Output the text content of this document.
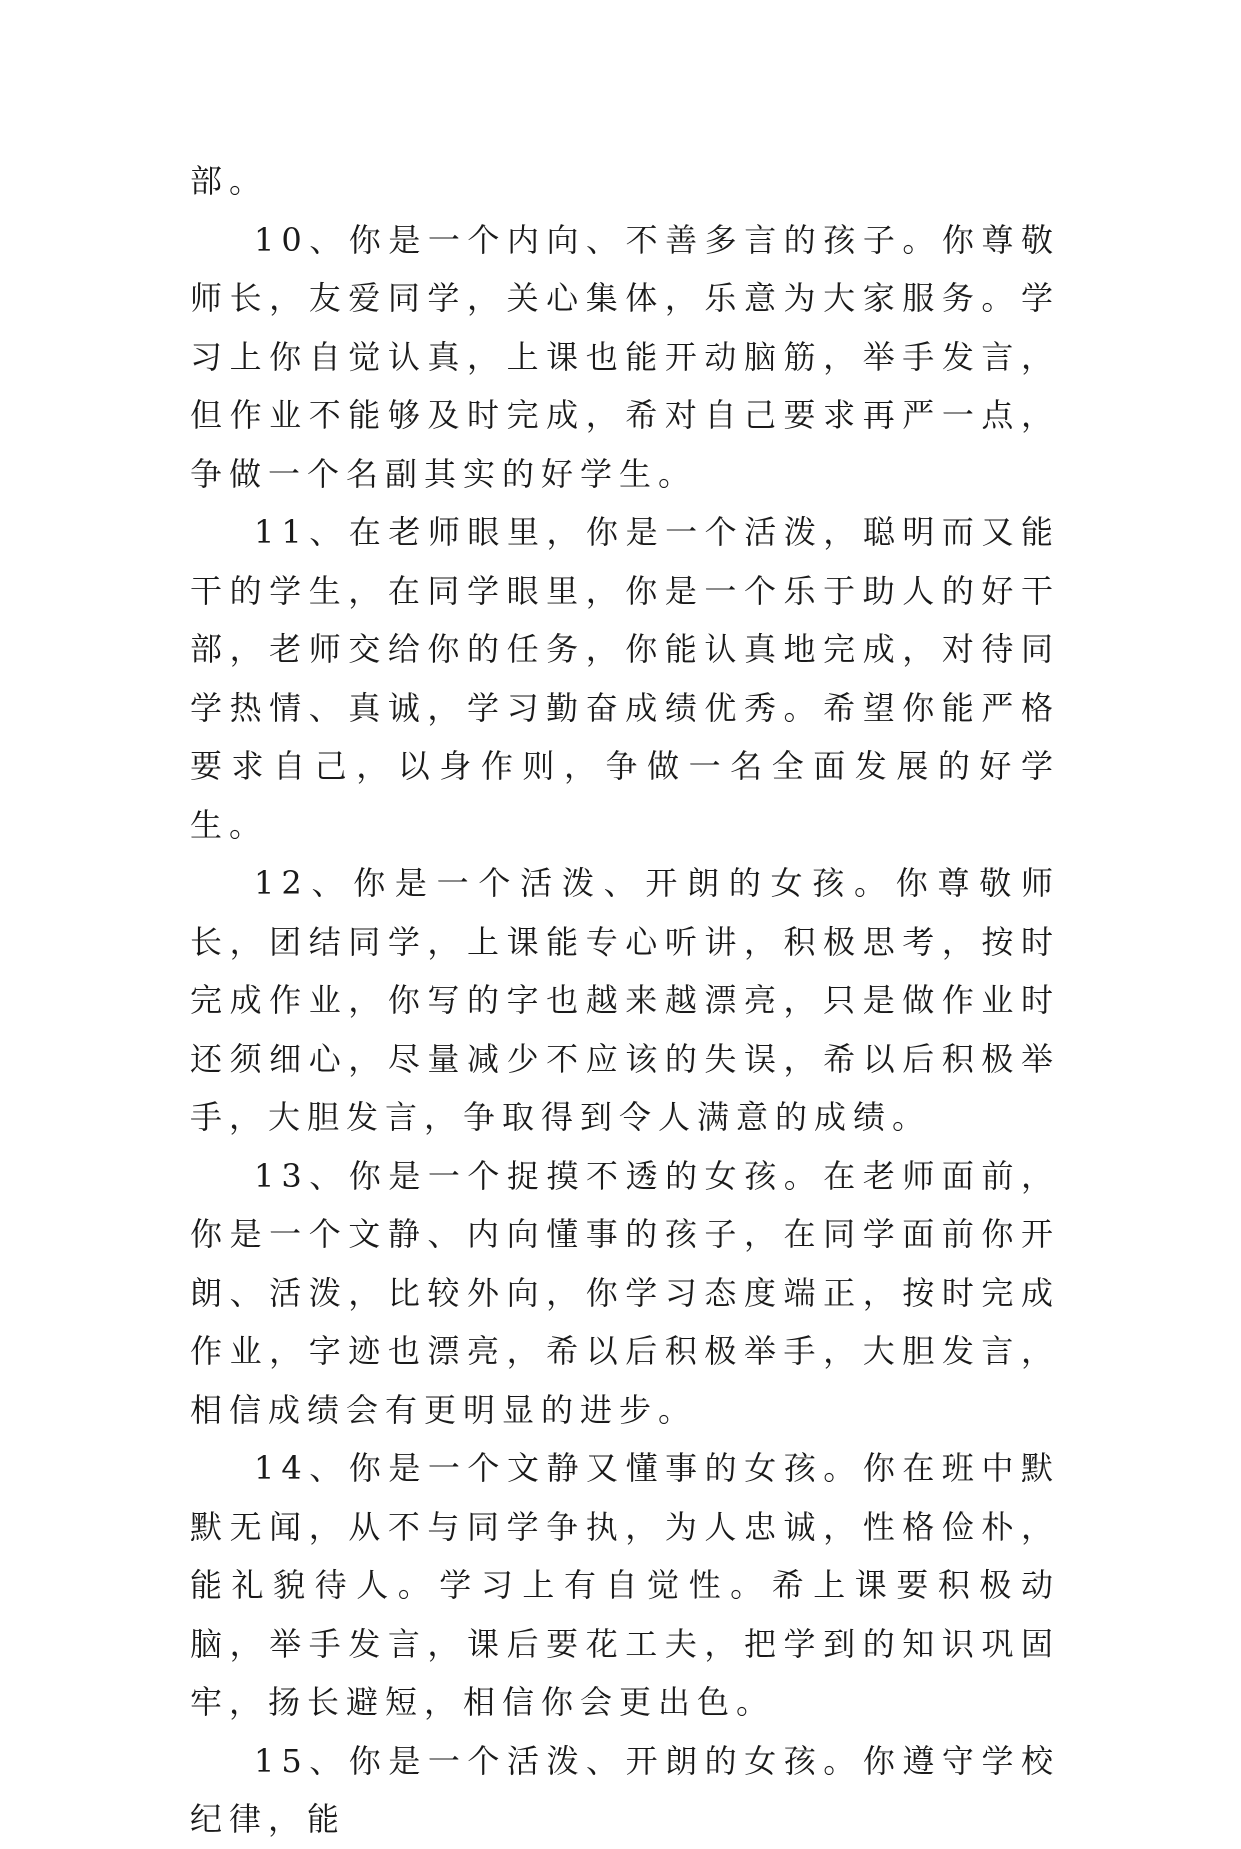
部。

10、你是一个内向、不善多言的孩子。你尊敬师长，友爱同学，关心集体，乐意为大家服务。学习上你自觉认真，上课也能开动脑筋，举手发言，但作业不能够及时完成，希对自己要求再严一点，争做一个名副其实的好学生。

11、在老师眼里，你是一个活泼，聪明而又能干的学生，在同学眼里，你是一个乐于助人的好干部，老师交给你的任务，你能认真地完成，对待同学热情、真诚，学习勤奋成绩优秀。希望你能严格要求自己，以身作则，争做一名全面发展的好学生。

12、你是一个活泼、开朗的女孩。你尊敬师长，团结同学，上课能专心听讲，积极思考，按时完成作业，你写的字也越来越漂亮，只是做作业时还须细心，尽量减少不应该的失误，希以后积极举手，大胆发言，争取得到令人满意的成绩。

13、你是一个捉摸不透的女孩。在老师面前，你是一个文静、内向懂事的孩子，在同学面前你开朗、活泼，比较外向，你学习态度端正，按时完成作业，字迹也漂亮，希以后积极举手，大胆发言，相信成绩会有更明显的进步。

14、你是一个文静又懂事的女孩。你在班中默默无闻，从不与同学争执，为人忠诚，性格俭朴，能礼貌待人。学习上有自觉性。希上课要积极动脑，举手发言，课后要花工夫，把学到的知识巩固牢，扬长避短，相信你会更出色。

15、你是一个活泼、开朗的女孩。你遵守学校纪律，能
